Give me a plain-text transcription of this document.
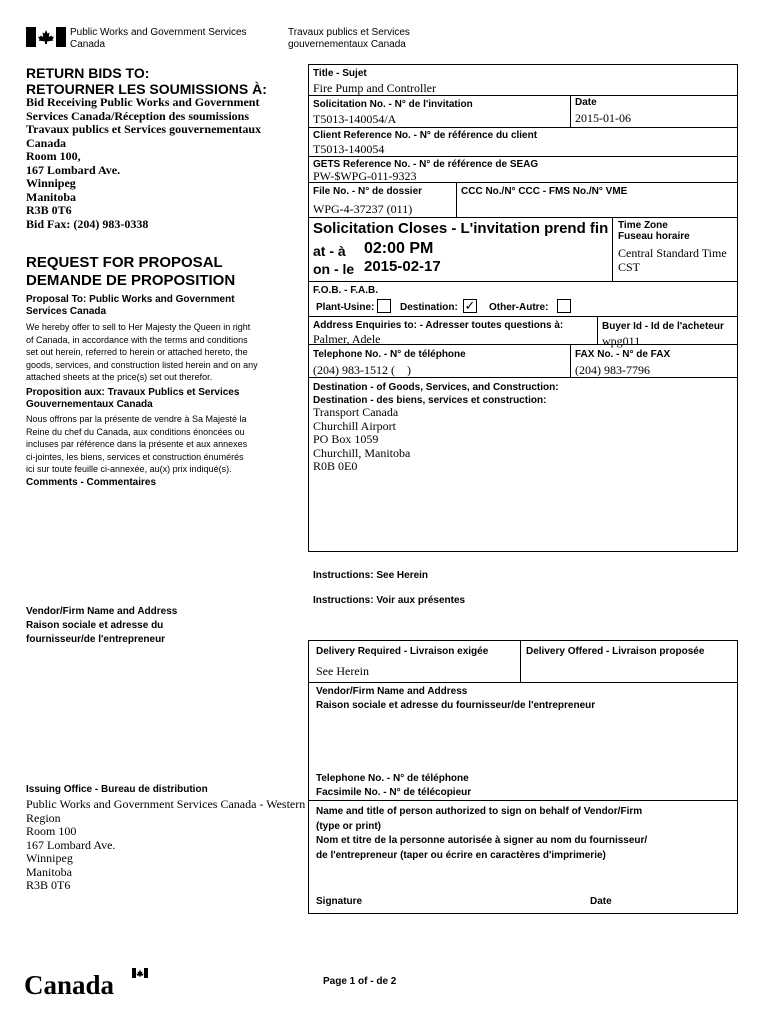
Public Works and Government Services
Canada
Travaux publics et Services
gouvernementaux Canada
RETURN BIDS TO:
RETOURNER LES SOUMISSIONS À:
Bid Receiving Public Works and Government
Services Canada/Réception des soumissions
Travaux publics et Services gouvernementaux
Canada
Room 100,
167 Lombard Ave.
Winnipeg
Manitoba
R3B 0T6
Bid Fax: (204) 983-0338
REQUEST FOR PROPOSAL
DEMANDE DE PROPOSITION
Proposal To: Public Works and Government
Services Canada
We hereby offer to sell to Her Majesty the Queen in right
of Canada, in accordance with the terms and conditions
set out herein, referred to herein or attached hereto, the
goods, services, and construction listed herein and on any
attached sheets at the price(s) set out therefor.
Proposition aux: Travaux Publics et Services
Gouvernementaux Canada
Nous offrons par la présente de vendre à Sa Majesté la
Reine du chef du Canada, aux conditions énoncées ou
incluses par référence dans la présente et aux annexes
ci-jointes, les biens, services et construction énumérés
ici sur toute feuille ci-annexée, au(x) prix indiqué(s).
Comments - Commentaires
Vendor/Firm Name and Address
Raison sociale et adresse du
fournisseur/de l'entrepreneur
Issuing Office - Bureau de distribution
Public Works and Government Services Canada - Western
Region
Room 100
167 Lombard Ave.
Winnipeg
Manitoba
R3B 0T6
Title - Sujet
Fire Pump and Controller
Solicitation No. - N° de l'invitation
T5013-140054/A
Date
2015-01-06
Client Reference No. - N° de référence du client
T5013-140054
GETS Reference No. - N° de référence de SEAG
PW-$WPG-011-9323
File No. - N° de dossier
WPG-4-37237 (011)
CCC No./N° CCC - FMS No./N° VME
Solicitation Closes - L'invitation prend fin
at - à 02:00 PM
on - le 2015-02-17
Time Zone
Fuseau horaire
Central Standard Time
CST
F.O.B. - F.A.B.
Plant-Usine:	Destination: ✓ Other-Autre:
Address Enquiries to: - Adresser toutes questions à:
Palmer, Adele
Buyer Id - Id de l'acheteur
wpg011
Telephone No. - N° de téléphone
(204) 983-1512 (    )
FAX No. - N° de FAX
(204) 983-7796
Destination - of Goods, Services, and Construction:
Destination - des biens, services et construction:
Transport Canada
Churchill Airport
PO Box 1059
Churchill, Manitoba
R0B 0E0
Instructions: See Herein
Instructions: Voir aux présentes
Delivery Required - Livraison exigée
See Herein
Delivery Offered - Livraison proposée
Vendor/Firm Name and Address
Raison sociale et adresse du fournisseur/de l'entrepreneur
Telephone No. - N° de téléphone
Facsimile No. - N° de télécopieur
Name and title of person authorized to sign on behalf of Vendor/Firm
(type or print)
Nom et titre de la personne autorisée à signer au nom du fournisseur/
de l'entrepreneur (taper ou écrire en caractères d'imprimerie)
Signature	Date
Canada	Page 1 of - de 2
